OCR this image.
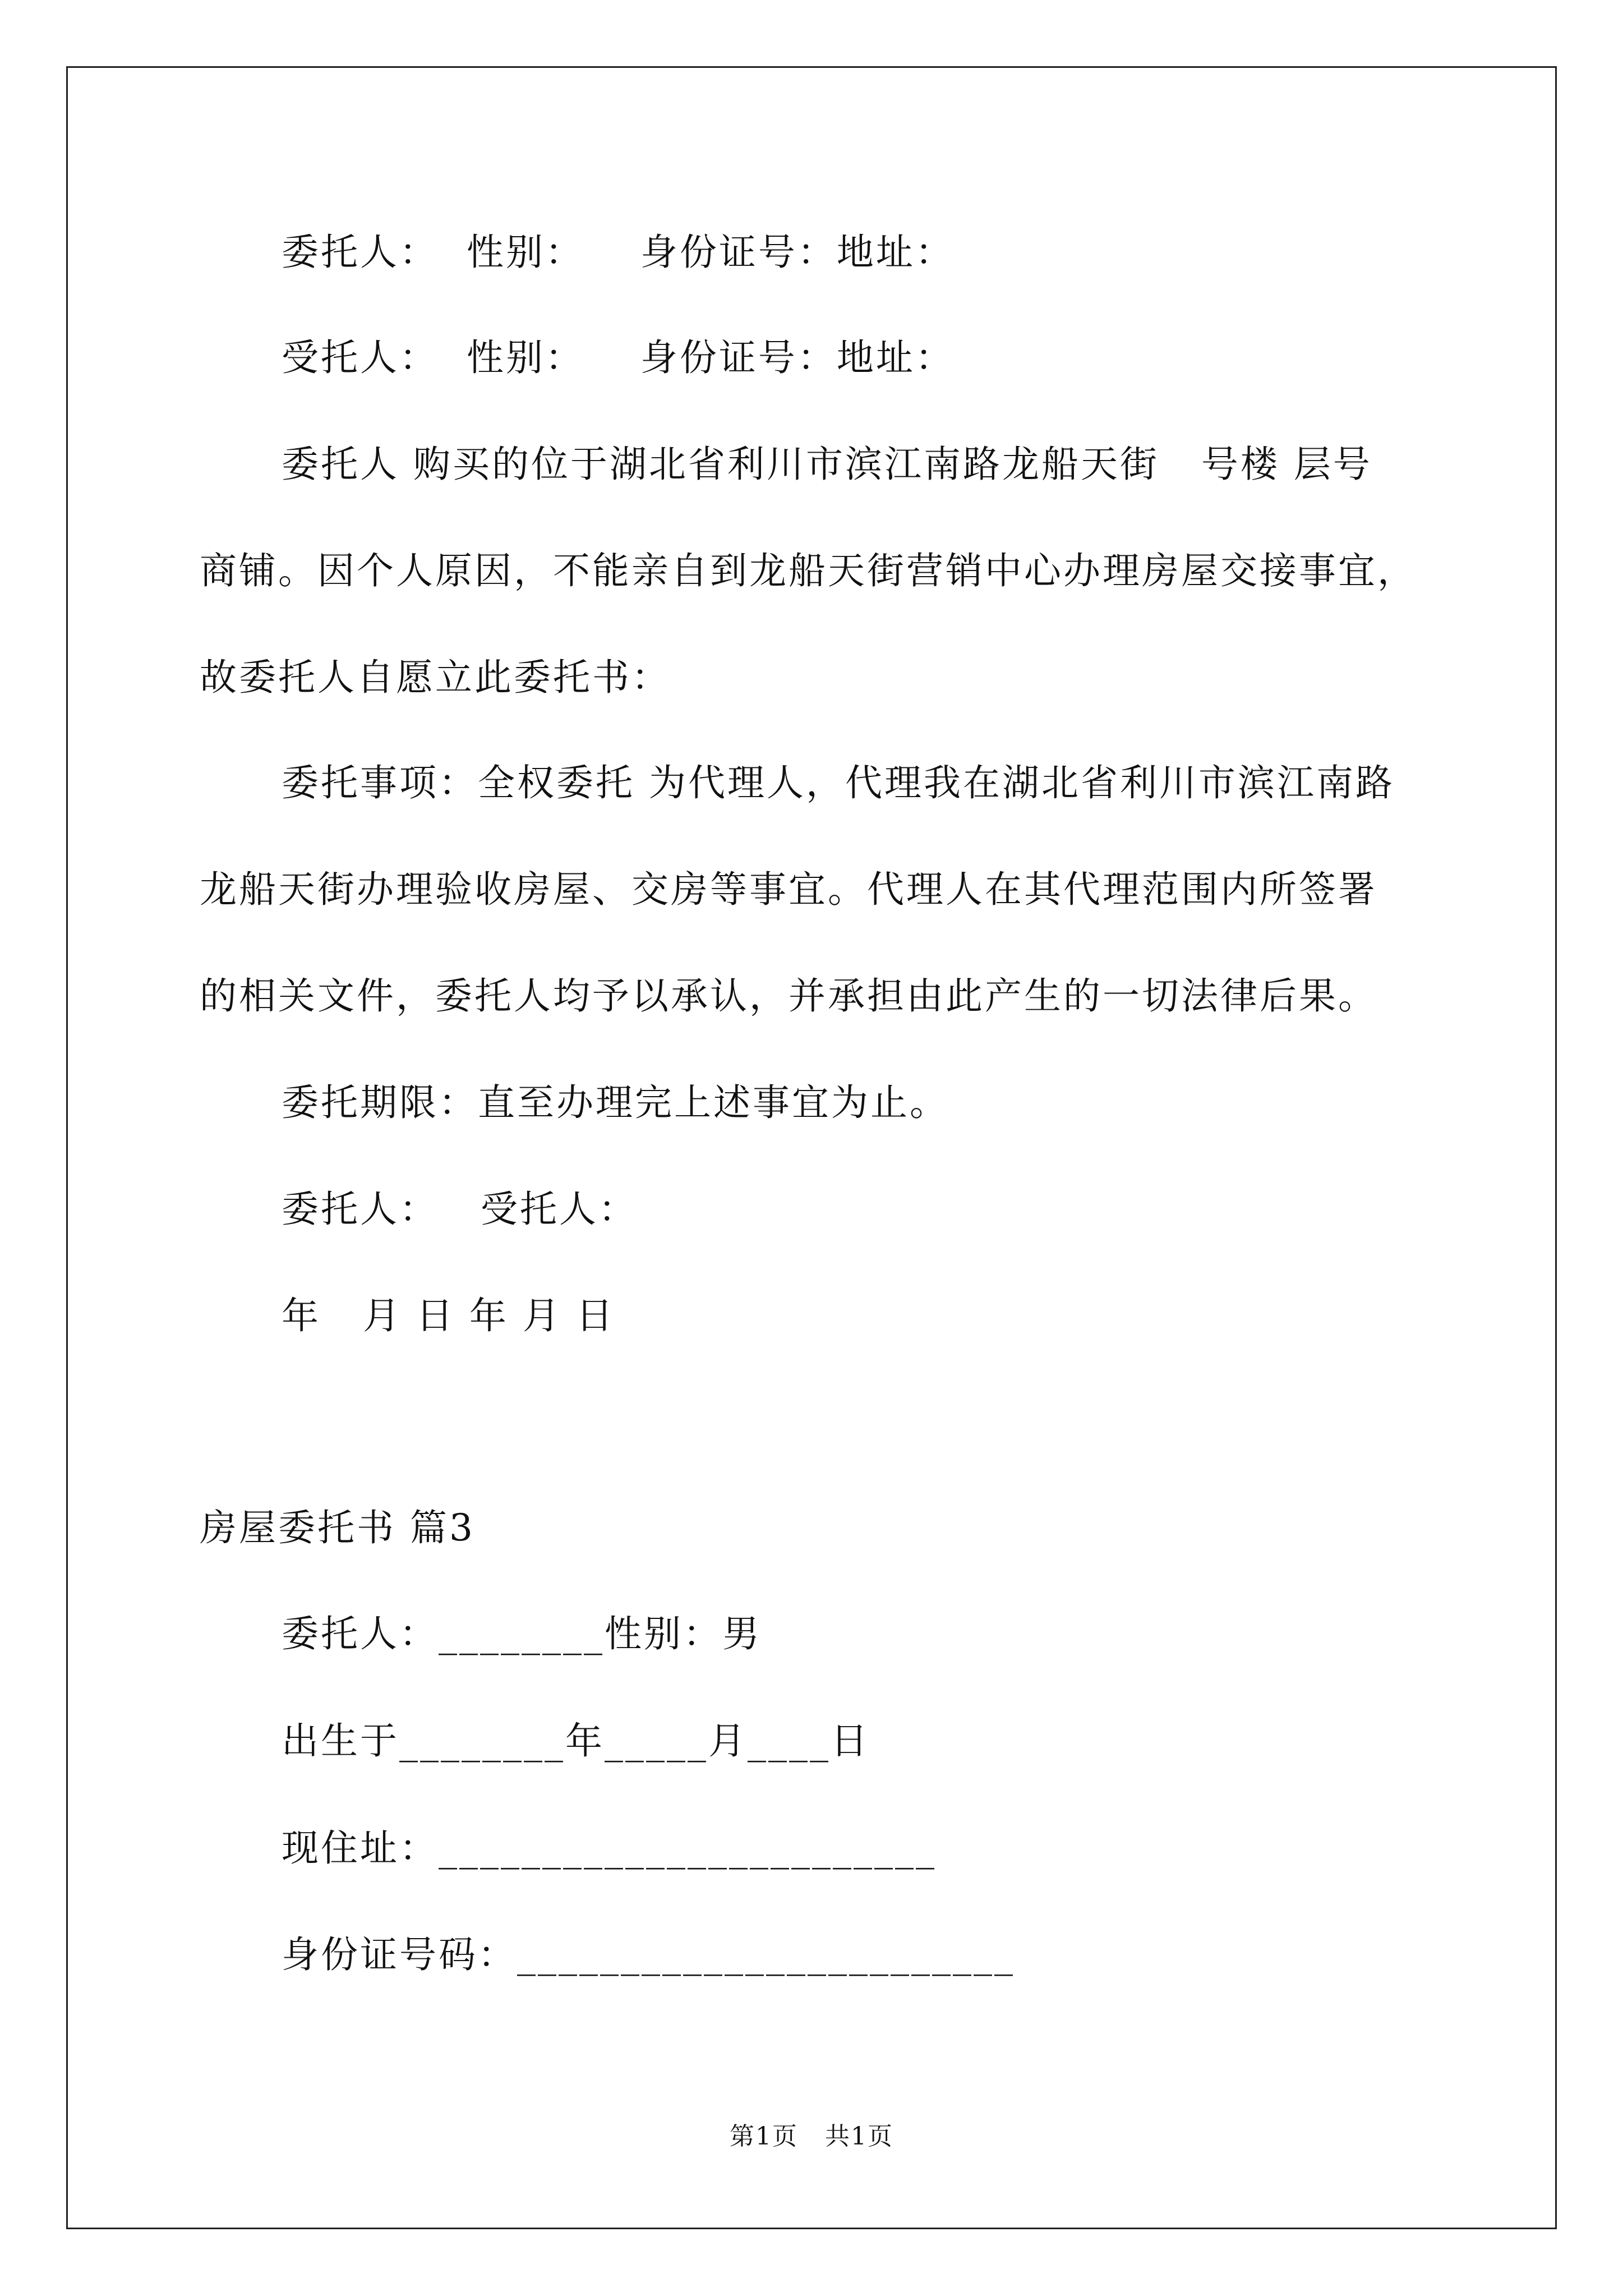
委托人：  性别：    身份证号：地址：
受托人：  性别：    身份证号：地址：
委托人 购买的位于湖北省利川市滨江南路龙船天街   号楼 层号
商铺。因个人原因，不能亲自到龙船天街营销中心办理房屋交接事宜，
故委托人自愿立此委托书：
委托事项：全权委托 为代理人，代理我在湖北省利川市滨江南路
龙船天街办理验收房屋、交房等事宜。代理人在其代理范围内所签署
的相关文件，委托人均予以承认，并承担由此产生的一切法律后果。
委托期限：直至办理完上述事宜为止。
委托人：   受托人：
年   月 日 年 月 日
房屋委托书 篇3
委托人：________性别：男
出生于________年_____月____日
现住址：________________________
身份证号码：________________________
第1页   共1页
